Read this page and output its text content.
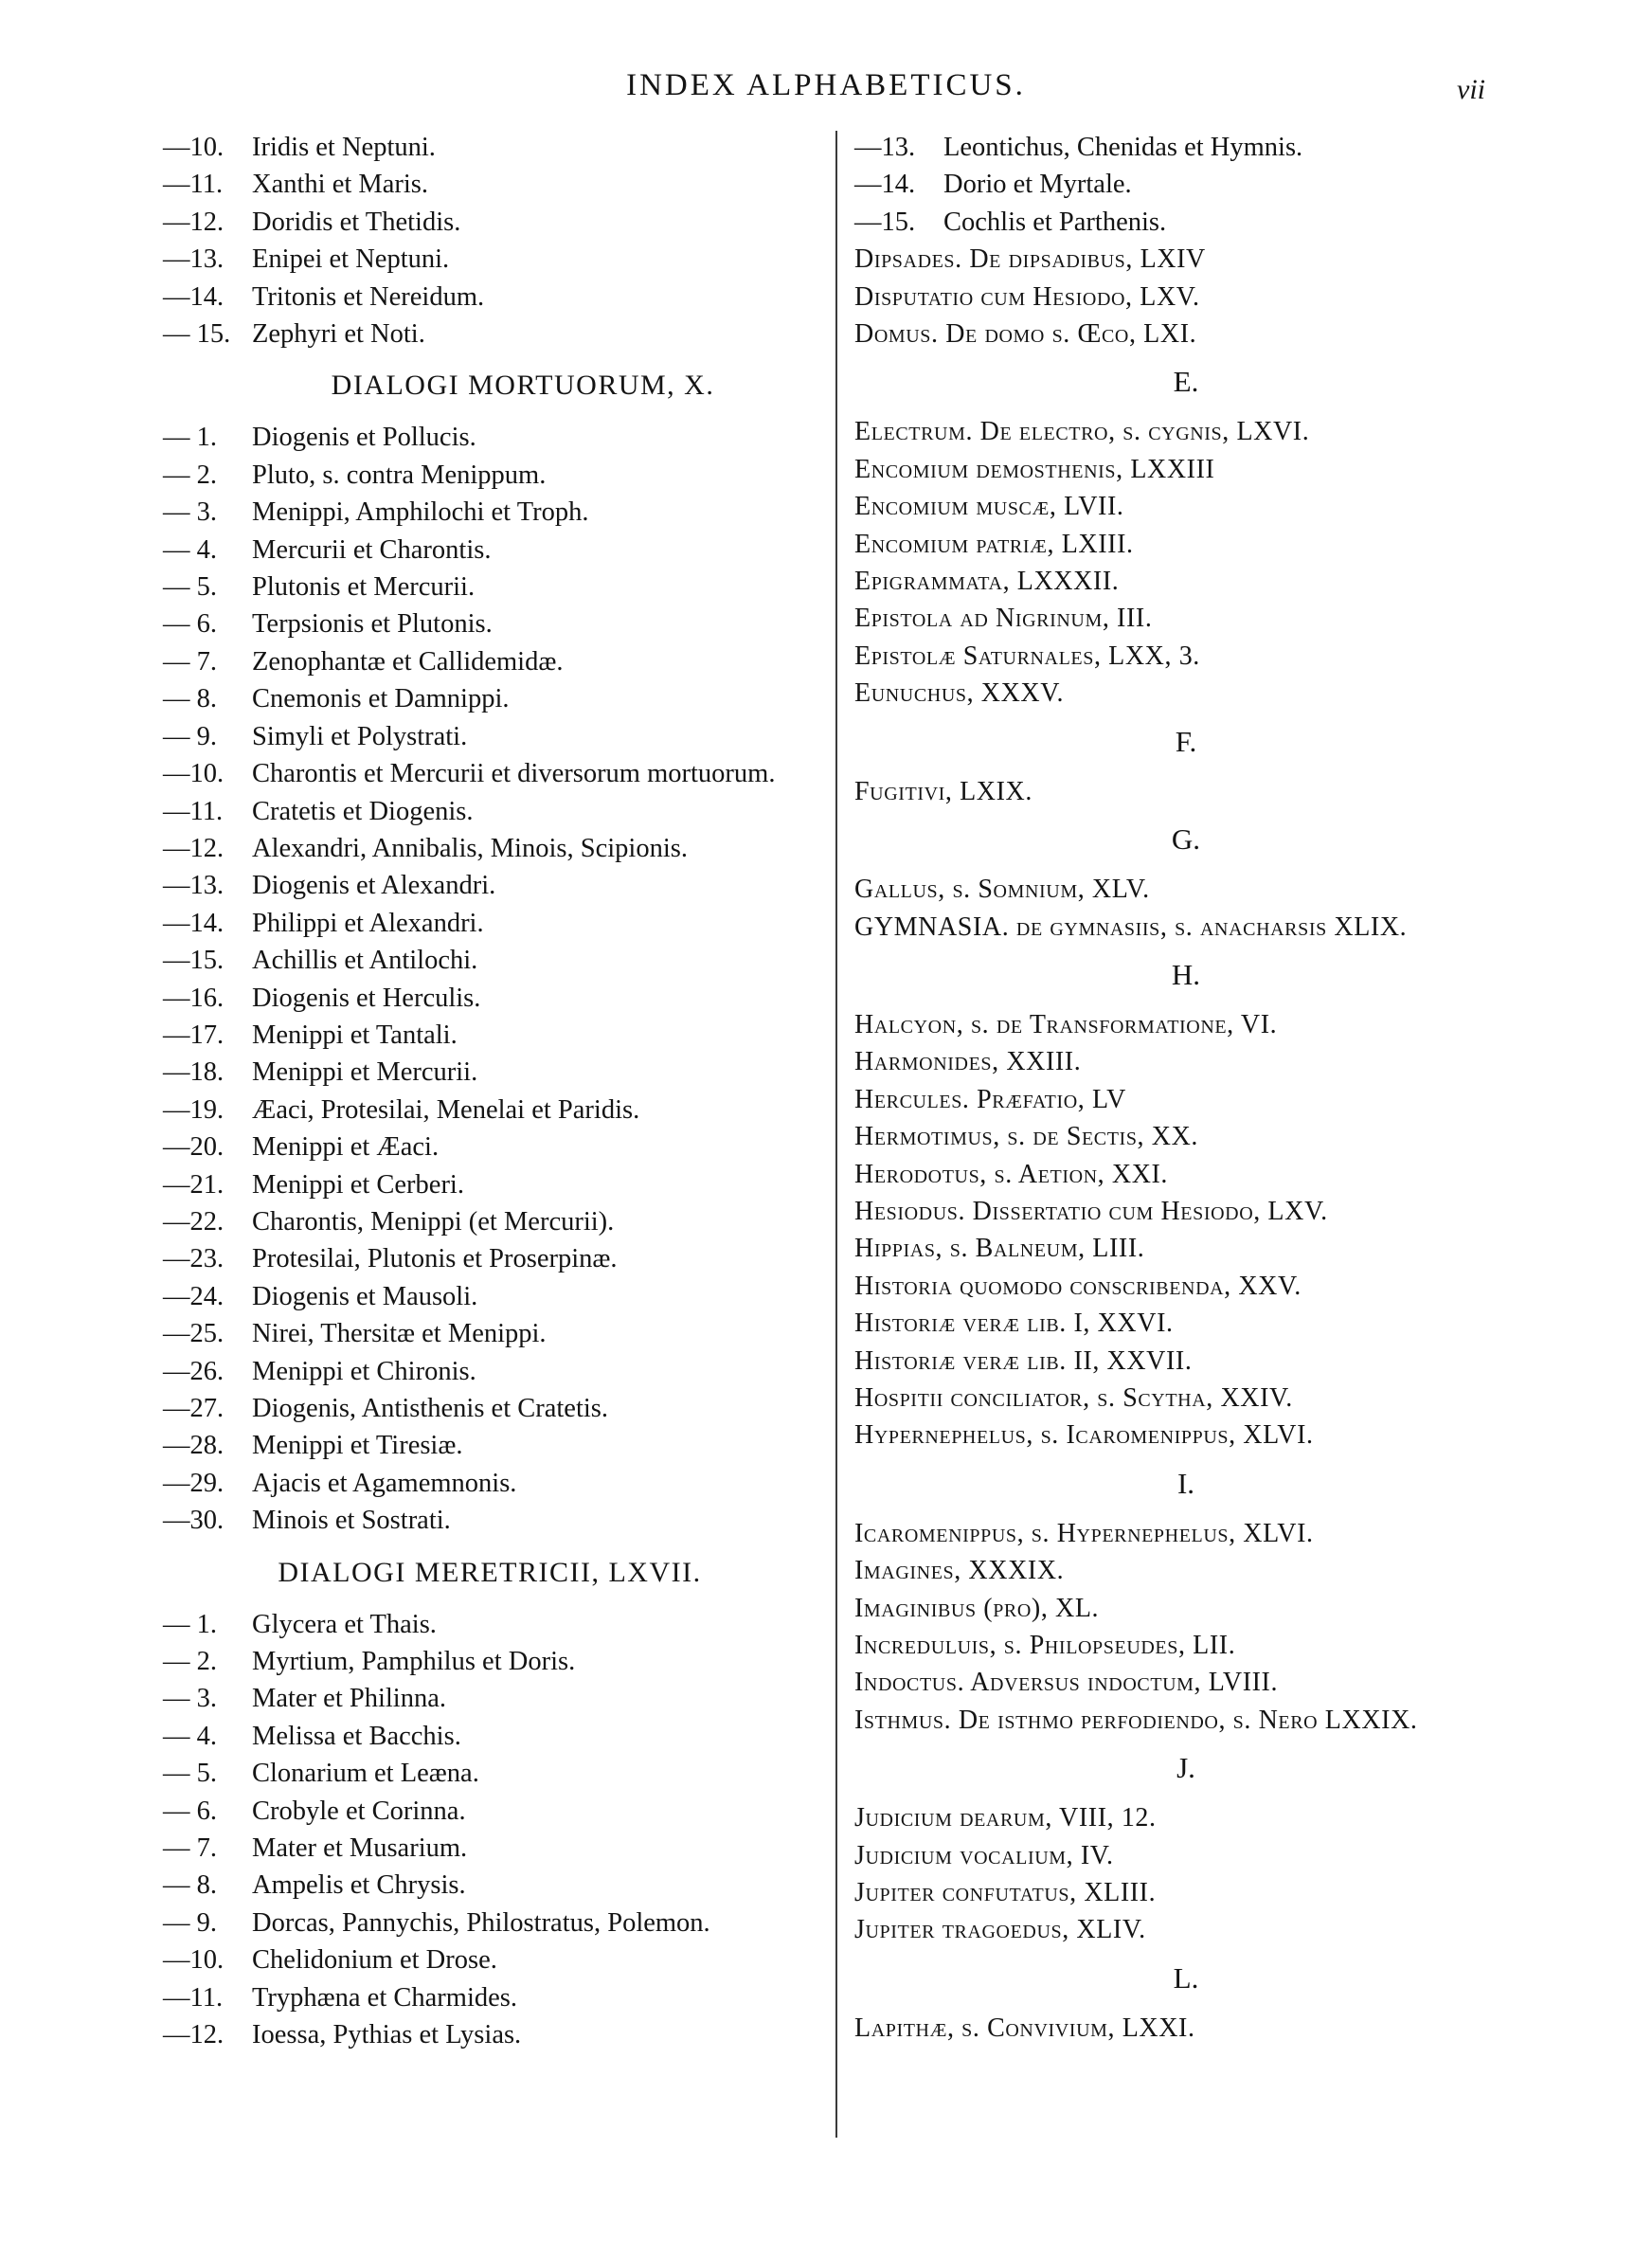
INDEX ALPHABETICUS.	vii
—10.	Iridis et Neptuni.
—11.	Xanthi et Maris.
—12.	Doridis et Thetidis.
—13.	Enipei et Neptuni.
—14.	Tritonis et Nereidum.
— 15. Zephyri et Noti.
DIALOGI MORTUORUM, X.
— 1.	Diogenis et Pollucis.
— 2.	Pluto, s. contra Menippum.
— 3.	Menippi, Amphilochi et Troph.
— 4.	Mercurii et Charontis.
— 5.	Plutonis et Mercurii.
— 6.	Terpsionis et Plutonis.
— 7.	Zenophantæ et Callidemidæ.
— 8.	Cnemonis et Damnippi.
— 9.	Simyli et Polystrati.
—10.	Charontis et Mercurii et diversorum mortuorum.
—11.	Cratetis et Diogenis.
—12.	Alexandri, Annibalis, Minois, Scipionis.
—13.	Diogenis et Alexandri.
—14.	Philippi et Alexandri.
—15.	Achillis et Antilochi.
—16.	Diogenis et Herculis.
—17.	Menippi et Tantali.
—18.	Menippi et Mercurii.
—19.	Æaci, Protesilai, Menelai et Paridis.
—20.	Menippi et Æaci.
—21.	Menippi et Cerberi.
—22.	Charontis, Menippi (et Mercurii).
—23.	Protesilai, Plutonis et Proserpinæ.
—24.	Diogenis et Mausoli.
—25.	Nirei, Thersitæ et Menippi.
—26.	Menippi et Chironis.
—27.	Diogenis, Antisthenis et Cratetis.
—28.	Menippi et Tiresiæ.
—29.	Ajacis et Agamemnonis.
—30.	Minois et Sostrati.
DIALOGI MERETRICII, LXVII.
— 1.	Glycera et Thais.
— 2.	Myrtium, Pamphilus et Doris.
— 3.	Mater et Philinna.
— 4.	Melissa et Bacchis.
— 5.	Clonarium et Leæna.
— 6.	Crobyle et Corinna.
— 7.	Mater et Musarium.
— 8.	Ampelis et Chrysis.
— 9.	Dorcas, Pannychis, Philostratus, Polemon.
—10.	Chelidonium et Drose.
—11.	Tryphæna et Charmides.
—12.	Ioessa, Pythias et Lysias.
—13.	Leontichus, Chenidas et Hymnis.
—14.	Dorio et Myrtale.
—15.	Cochlis et Parthenis.
Dipsades. De dipsadibus, LXIV
Disputatio cum Hesiodo, LXV.
Domus. De domo s. Œco, LXI.
E.
Electrum. De electro, s. cygnis, LXVI.
Encomium demosthenis, LXXIII
Encomium muscæ, LVII.
Encomium patriæ, LXIII.
Epigrammata, LXXXII.
Epistola ad Nigrinum, III.
Epistolæ Saturnales, LXX, 3.
Eunuchus, XXXV.
F.
Fugitivi, LXIX.
G.
Gallus, s. Somnium, XLV.
GYMNASIA. de gymnasiis, s. anacharsis XLIX.
H.
Halcyon, s. de Transformatione, VI.
Harmonides, XXIII.
Hercules. Præfatio, LV
Hermotimus, s. de Sectis, XX.
Herodotus, s. Aetion, XXI.
Hesiodus. Dissertatio cum Hesiodo, LXV.
Hippias, s. Balneum, LIII.
Historia quomodo conscribenda, XXV.
Historiæ veræ lib. I, XXVI.
Historiæ veræ lib. II, XXVII.
Hospitii conciliator, s. Scytha, XXIV.
Hypernephelus, s. Icaromenippus, XLVI.
I.
Icaromenippus, s. Hypernephelus, XLVI.
Imagines, XXXIX.
Imaginibus (pro), XL.
Increduluis, s. Philopseudes, LII.
Indoctus. Adversus indoctum, LVIII.
Isthmus. De isthmo perfodiendo, s. Nero LXXIX.
J.
Judicium dearum, VIII, 12.
Judicium vocalium, IV.
Jupiter confutatus, XLIII.
Jupiter tragoedus, XLIV.
L.
Lapithæ, s. Convivium, LXXI.
